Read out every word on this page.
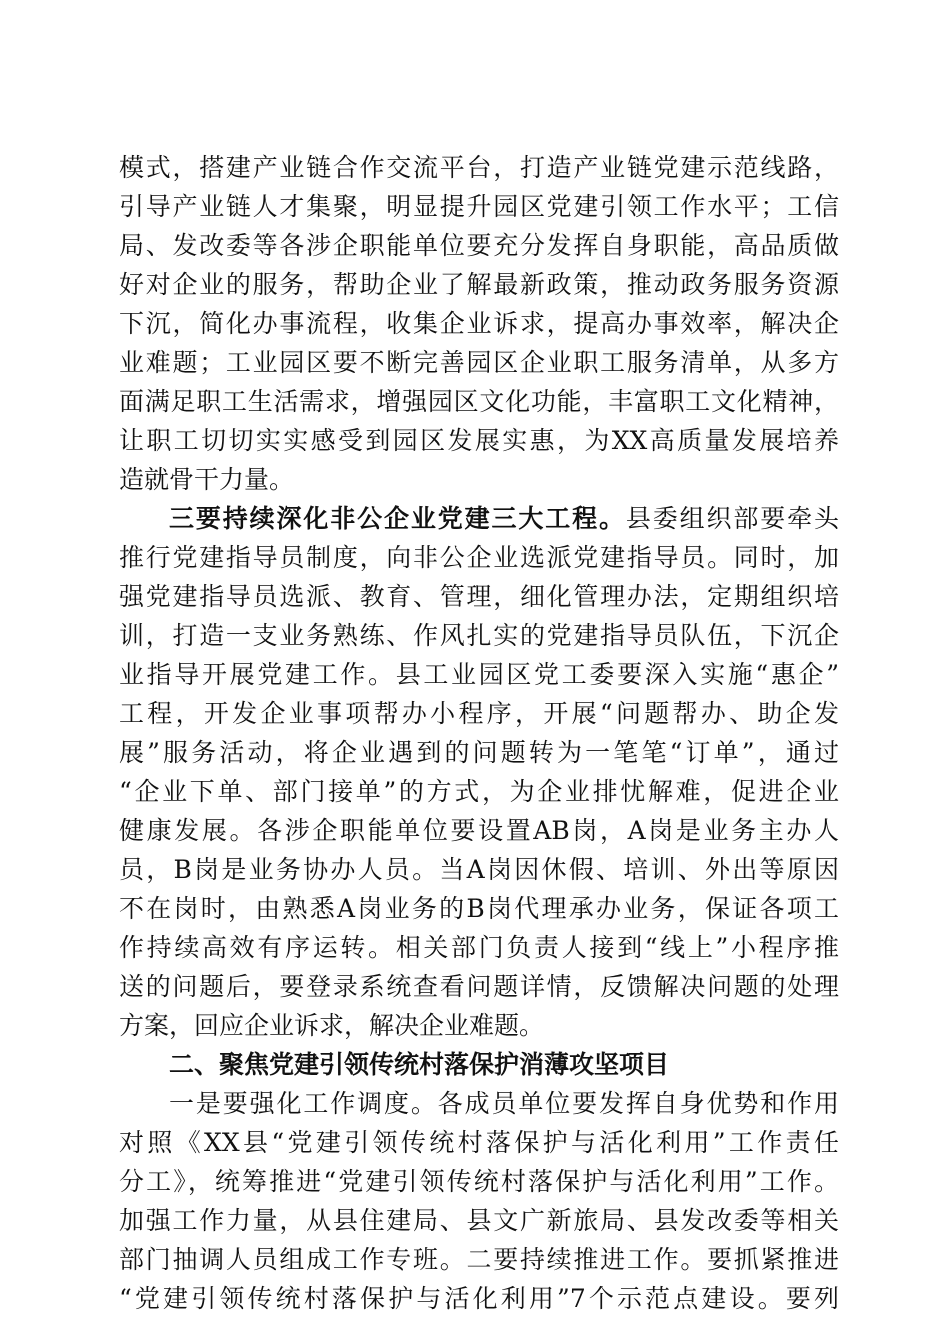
模式，搭建产业链合作交流平台，打造产业链党建示范线路，
引导产业链人才集聚，明显提升园区党建引领工作水平；工信
局、发改委等各涉企职能单位要充分发挥自身职能，高品质做
好对企业的服务，帮助企业了解最新政策，推动政务服务资源
下沉，简化办事流程，收集企业诉求，提高办事效率，解决企
业难题；工业园区要不断完善园区企业职工服务清单，从多方
面满足职工生活需求，增强园区文化功能，丰富职工文化精神，
让职工切切实实感受到园区发展实惠，为XX高质量发展培养
造就骨干力量。
三要持续深化非公企业党建三大工程。县委组织部要牵头
推行党建指导员制度，向非公企业选派党建指导员。同时，加
强党建指导员选派、教育、管理，细化管理办法，定期组织培
训，打造一支业务熟练、作风扎实的党建指导员队伍，下沉企
业指导开展党建工作。县工业园区党工委要深入实施“惠企”
工程，开发企业事项帮办小程序，开展“问题帮办、助企发
展”服务活动，将企业遇到的问题转为一笔笔“订单”，通过
“企业下单、部门接单”的方式，为企业排忧解难，促进企业
健康发展。各涉企职能单位要设置AB岗，A岗是业务主办人
员，B岗是业务协办人员。当A岗因休假、培训、外出等原因
不在岗时，由熟悉A岗业务的B岗代理承办业务，保证各项工
作持续高效有序运转。相关部门负责人接到“线上”小程序推
送的问题后，要登录系统查看问题详情，反馈解决问题的处理
方案，回应企业诉求，解决企业难题。
二、聚焦党建引领传统村落保护消薄攻坚项目
一是要强化工作调度。各成员单位要发挥自身优势和作用
对照《XX县“党建引领传统村落保护与活化利用”工作责任
分工》，统筹推进“党建引领传统村落保护与活化利用”工作。
加强工作力量，从县住建局、县文广新旅局、县发改委等相关
部门抽调人员组成工作专班。二要持续推进工作。要抓紧推进
“党建引领传统村落保护与活化利用”7个示范点建设。要列
